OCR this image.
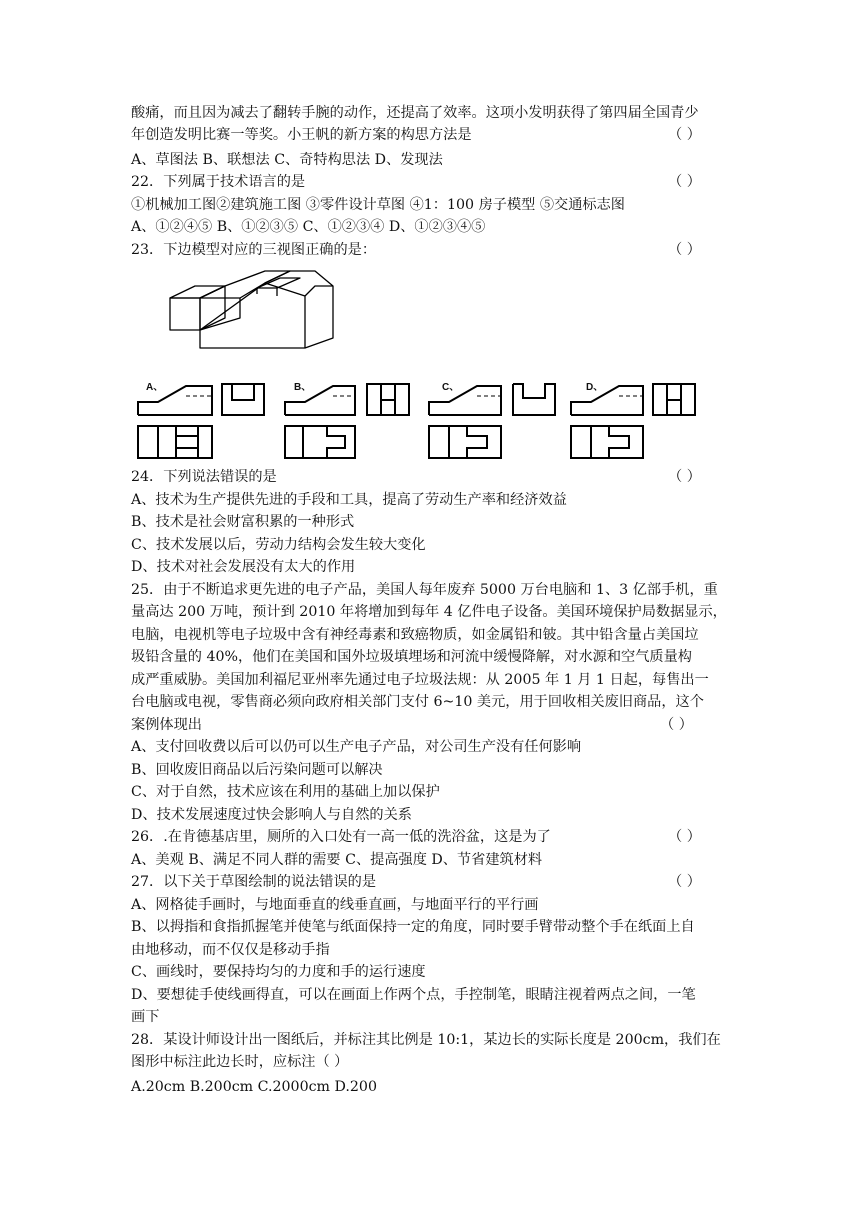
酸痛，而且因为减去了翻转手腕的动作，还提高了效率。这项小发明获得了第四届全国青少
年创造发明比赛一等奖。小王帆的新方案的构思方法是	（ ）
A、草图法 B、联想法 C、奇特构思法 D、发现法
22．下列属于技术语言的是	（ ）
①机械加工图②建筑施工图 ③零件设计草图 ④1：100 房子模型 ⑤交通标志图
A、①②④⑤ B、①②③⑤ C、①②③④ D、①②③④⑤
23．下边模型对应的三视图正确的是：	（ ）
A、	B、	C、	D、
24．下列说法错误的是	（ ）
A、技术为生产提供先进的手段和工具，提高了劳动生产率和经济效益
B、技术是社会财富积累的一种形式
C、技术发展以后，劳动力结构会发生较大变化
D、技术对社会发展没有太大的作用
25．由于不断追求更先进的电子产品，美国人每年废弃 5000 万台电脑和 1、3 亿部手机，重
量高达 200 万吨，预计到 2010 年将增加到每年 4 亿件电子设备。美国环境保护局数据显示，
电脑，电视机等电子垃圾中含有神经毒素和致癌物质，如金属铅和铍。其中铅含量占美国垃
圾铅含量的 40%，他们在美国和国外垃圾填埋场和河流中缓慢降解，对水源和空气质量构
成严重威胁。美国加利福尼亚州率先通过电子垃圾法规：从 2005 年 1 月 1 日起，每售出一
台电脑或电视，零售商必须向政府相关部门支付 6~10 美元，用于回收相关废旧商品，这个
案例体现出	（ ）
A、支付回收费以后可以仍可以生产电子产品，对公司生产没有任何影响
B、回收废旧商品以后污染问题可以解决
C、对于自然，技术应该在利用的基础上加以保护
D、技术发展速度过快会影响人与自然的关系
26．.在肯德基店里，厕所的入口处有一高一低的洗浴盆，这是为了	（ ）
A、美观 B、满足不同人群的需要 C、提高强度 D、节省建筑材料
27．以下关于草图绘制的说法错误的是	（ ）
A、网格徒手画时，与地面垂直的线垂直画，与地面平行的平行画
B、以拇指和食指抓握笔并使笔与纸面保持一定的角度，同时要手臂带动整个手在纸面上自
由地移动，而不仅仅是移动手指
C、画线时，要保持均匀的力度和手的运行速度
D、要想徒手使线画得直，可以在画面上作两个点，手控制笔，眼睛注视着两点之间，一笔
画下
28．某设计师设计出一图纸后，并标注其比例是 10:1，某边长的实际长度是 200cm，我们在
图形中标注此边长时，应标注（ ）
A.20cm B.200cm C.2000cm D.200
